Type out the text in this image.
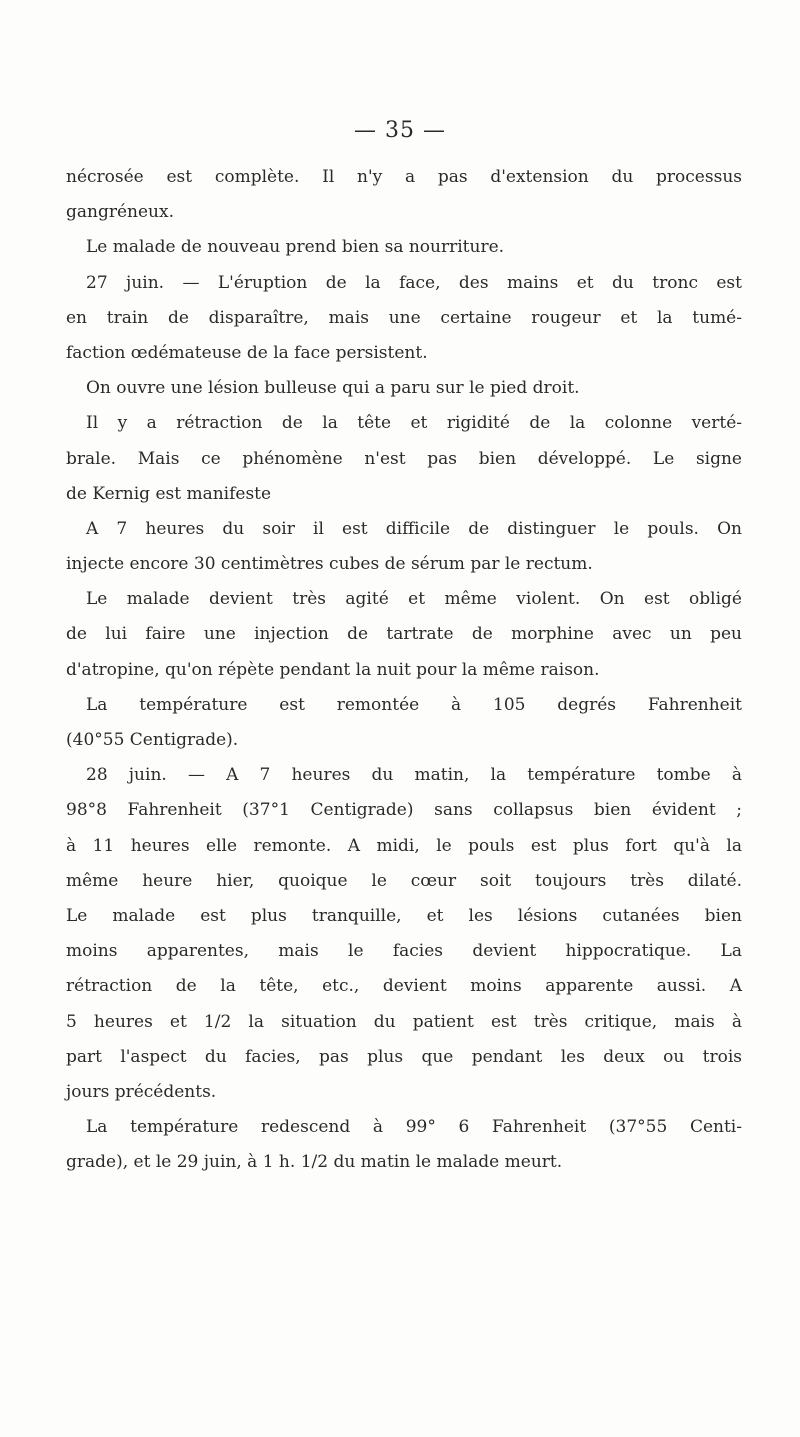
— 35 —
nécrosée est complète. Il n'y a pas d'extension du processus
gangréneux.
Le malade de nouveau prend bien sa nourriture.
27 juin. — L'éruption de la face, des mains et du tronc est
en train de disparaître, mais une certaine rougeur et la tumé-
faction œdémateuse de la face persistent.
On ouvre une lésion bulleuse qui a paru sur le pied droit.
Il y a rétraction de la tête et rigidité de la colonne verté-
brale. Mais ce phénomène n'est pas bien développé. Le signe
de Kernig est manifeste
A 7 heures du soir il est difficile de distinguer le pouls. On
injecte encore 30 centimètres cubes de sérum par le rectum.
Le malade devient très agité et même violent. On est obligé
de lui faire une injection de tartrate de morphine avec un peu
d'atropine, qu'on répète pendant la nuit pour la même raison.
La température est remontée à 105 degrés Fahrenheit
(40°55 Centigrade).
28 juin. — A 7 heures du matin, la température tombe à
98°8 Fahrenheit (37°1 Centigrade) sans collapsus bien évident ;
à 11 heures elle remonte. A midi, le pouls est plus fort qu'à la
même heure hier, quoique le cœur soit toujours très dilaté.
Le malade est plus tranquille, et les lésions cutanées bien
moins apparentes, mais le facies devient hippocratique. La
rétraction de la tête, etc., devient moins apparente aussi. A
5 heures et 1/2 la situation du patient est très critique, mais à
part l'aspect du facies, pas plus que pendant les deux ou trois
jours précédents.
La température redescend à 99° 6 Fahrenheit (37°55 Centi-
grade), et le 29 juin, à 1 h. 1/2 du matin le malade meurt.
